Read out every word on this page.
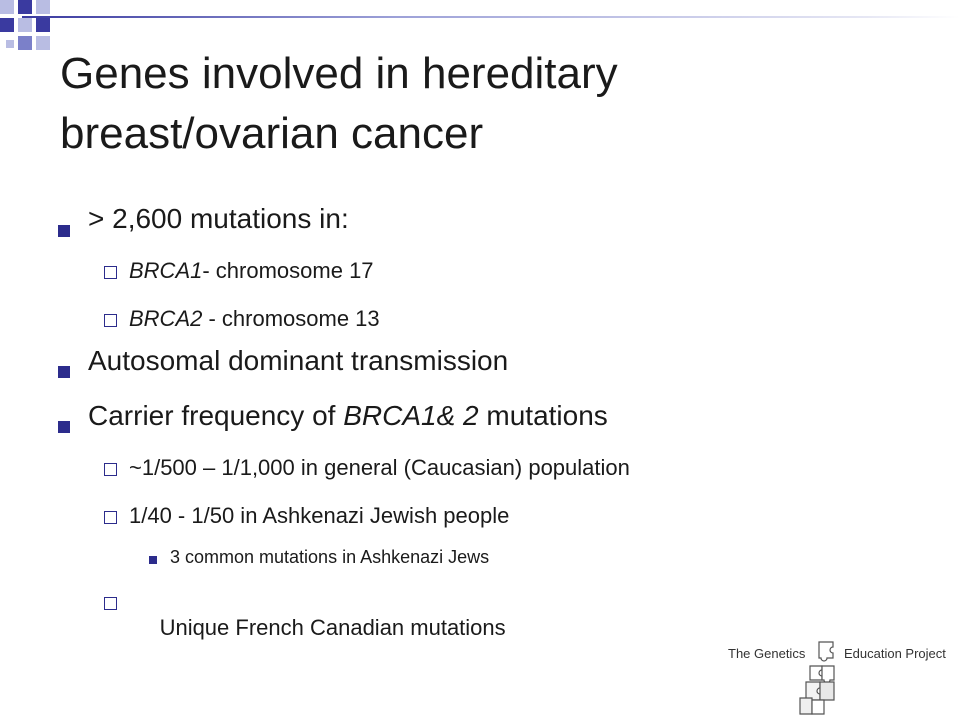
Genes involved in hereditary
breast/ovarian cancer
> 2,600 mutations in:
BRCA1- chromosome 17
BRCA2 - chromosome 13
Autosomal dominant transmission
Carrier frequency of BRCA1& 2 mutations
~1/500 – 1/1,000 in general (Caucasian) population
1/40 - 1/50 in Ashkenazi Jewish people
3 common mutations in Ashkenazi Jews

Unique French Canadian mutations

The Genetics	Education Project
